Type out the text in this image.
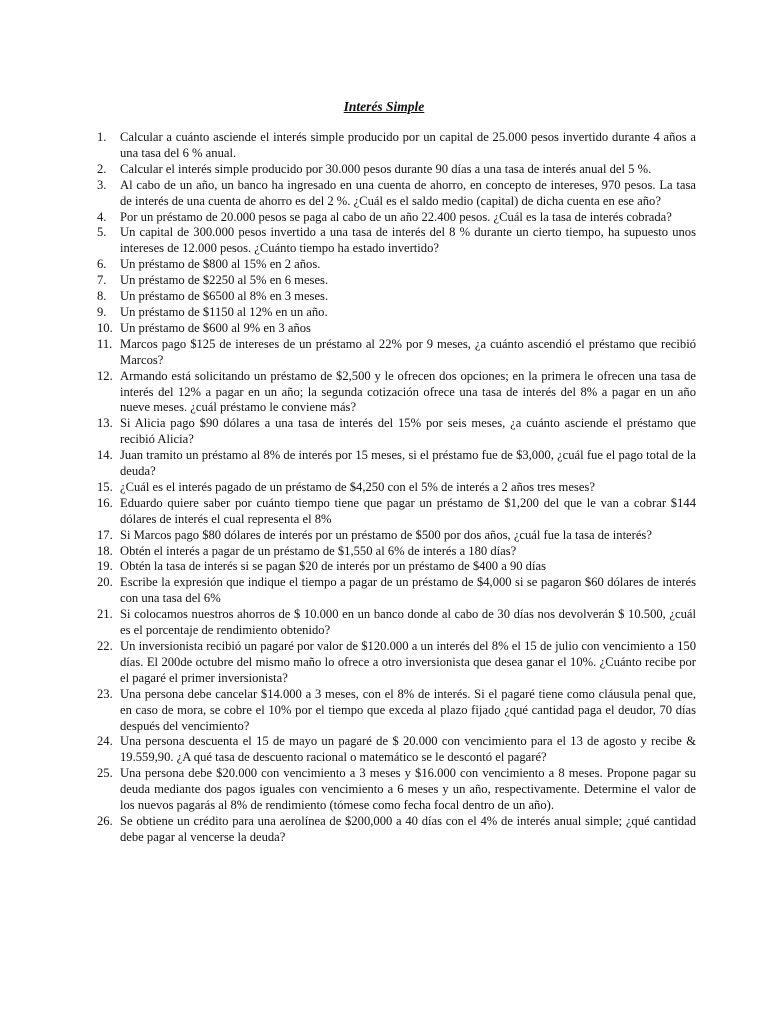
Interés Simple
1. Calcular a cuánto asciende el interés simple producido por un capital de 25.000 pesos invertido durante 4 años a una tasa del 6 % anual.
2. Calcular el interés simple producido por 30.000 pesos durante 90 días a una tasa de interés anual del 5 %.
3. Al cabo de un año, un banco ha ingresado en una cuenta de ahorro, en concepto de intereses, 970 pesos. La tasa de interés de una cuenta de ahorro es del 2 %. ¿Cuál es el saldo medio (capital) de dicha cuenta en ese año?
4. Por un préstamo de 20.000 pesos se paga al cabo de un año 22.400 pesos. ¿Cuál es la tasa de interés cobrada?
5. Un capital de 300.000 pesos invertido a una tasa de interés del 8 % durante un cierto tiempo, ha supuesto unos intereses de 12.000 pesos. ¿Cuánto tiempo ha estado invertido?
6. Un préstamo de $800 al 15% en 2 años.
7. Un préstamo de $2250 al 5% en 6 meses.
8. Un préstamo de $6500 al 8% en 3 meses.
9. Un préstamo de $1150 al 12% en un año.
10. Un préstamo de $600 al 9% en 3 años
11. Marcos pago $125 de intereses de un préstamo al 22% por 9 meses, ¿a cuánto ascendió el préstamo que recibió Marcos?
12. Armando está solicitando un préstamo de $2,500 y le ofrecen dos opciones; en la primera le ofrecen una tasa de interés del 12% a pagar en un año; la segunda cotización ofrece una tasa de interés del 8% a pagar en un año nueve meses. ¿cuál préstamo le conviene más?
13. Si Alicia pago $90 dólares a una tasa de interés del 15% por seis meses, ¿a cuánto asciende el préstamo que recibió Alicia?
14. Juan tramito un préstamo al 8% de interés por 15 meses, si el préstamo fue de $3,000, ¿cuál fue el pago total de la deuda?
15. ¿Cuál es el interés pagado de un préstamo de $4,250 con el 5% de interés a 2 años tres meses?
16. Eduardo quiere saber por cuánto tiempo tiene que pagar un préstamo de $1,200 del que le van a cobrar $144 dólares de interés el cual representa el 8%
17. Si Marcos pago $80 dólares de interés por un préstamo de $500 por dos años, ¿cuál fue la tasa de interés?
18. Obtén el interés a pagar de un préstamo de $1,550 al 6% de interés a 180 días?
19. Obtén la tasa de interés si se pagan $20 de interés por un préstamo de $400 a 90 días
20. Escribe la expresión que indique el tiempo a pagar de un préstamo de $4,000 si se pagaron $60 dólares de interés con una tasa del 6%
21. Si colocamos nuestros ahorros de $ 10.000 en un banco donde al cabo de 30 días nos devolverán $ 10.500, ¿cuál es el porcentaje de rendimiento obtenido?
22. Un inversionista recibió un pagaré por valor de $120.000 a un interés del 8% el 15 de julio con vencimiento a 150 días. El 200de octubre del mismo maño lo ofrece a otro inversionista que desea ganar el 10%. ¿Cuánto recibe por el pagaré el primer inversionista?
23. Una persona debe cancelar $14.000 a 3 meses, con el 8% de interés. Si el pagaré tiene como cláusula penal que, en caso de mora, se cobre el 10% por el tiempo que exceda al plazo fijado ¿qué cantidad paga el deudor, 70 días después del vencimiento?
24. Una persona descuenta el 15 de mayo un pagaré de $ 20.000 con vencimiento para el 13 de agosto y recibe & 19.559,90. ¿A qué tasa de descuento racional o matemático se le descontó el pagaré?
25. Una persona debe $20.000 con vencimiento a 3 meses y $16.000 con vencimiento a 8 meses. Propone pagar su deuda mediante dos pagos iguales con vencimiento a 6 meses y un año, respectivamente. Determine el valor de los nuevos pagarás al 8% de rendimiento (tómese como fecha focal dentro de un año).
26. Se obtiene un crédito para una aerolínea de $200,000 a 40 días con el 4% de interés anual simple; ¿qué cantidad debe pagar al vencerse la deuda?
